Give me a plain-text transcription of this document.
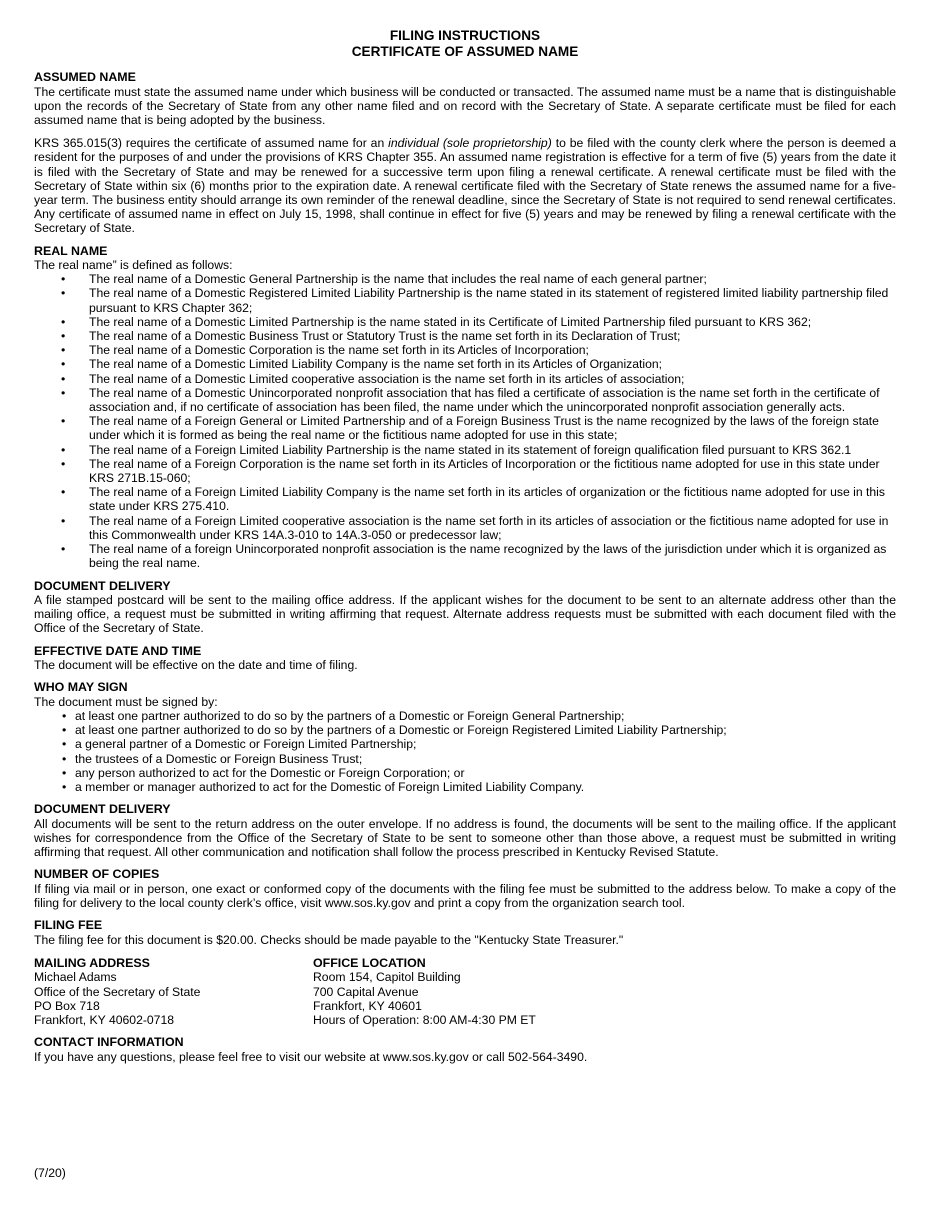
FILING INSTRUCTIONS
CERTIFICATE OF ASSUMED NAME
ASSUMED NAME

The certificate must state the assumed name under which business will be conducted or transacted. The assumed name must be a name that is distinguishable upon the records of the Secretary of State from any other name filed and on record with the Secretary of State. A separate certificate must be filed for each assumed name that is being adopted by the business.

KRS 365.015(3) requires the certificate of assumed name for an individual (sole proprietorship) to be filed with the county clerk where the person is deemed a resident for the purposes of and under the provisions of KRS Chapter 355. An assumed name registration is effective for a term of five (5) years from the date it is filed with the Secretary of State and may be renewed for a successive term upon filing a renewal certificate. A renewal certificate must be filed with the Secretary of State within six (6) months prior to the expiration date. A renewal certificate filed with the Secretary of State renews the assumed name for a five-year term. The business entity should arrange its own reminder of the renewal deadline, since the Secretary of State is not required to send renewal certificates. Any certificate of assumed name in effect on July 15, 1998, shall continue in effect for five (5) years and may be renewed by filing a renewal certificate with the Secretary of State.

REAL NAME
The real name” is defined as follows:
• The real name of a Domestic General Partnership is the name that includes the real name of each general partner;
• The real name of a Domestic Registered Limited Liability Partnership is the name stated in its statement of registered limited liability partnership filed pursuant to KRS Chapter 362;
• The real name of a Domestic Limited Partnership is the name stated in its Certificate of Limited Partnership filed pursuant to KRS 362;
• The real name of a Domestic Business Trust or Statutory Trust is the name set forth in its Declaration of Trust;
• The real name of a Domestic Corporation is the name set forth in its Articles of Incorporation;
• The real name of a Domestic Limited Liability Company is the name set forth in its Articles of Organization;
• The real name of a Domestic Limited cooperative association is the name set forth in its articles of association;
• The real name of a Domestic Unincorporated nonprofit association that has filed a certificate of association is the name set forth in the certificate of association and, if no certificate of association has been filed, the name under which the unincorporated nonprofit association generally acts.
• The real name of a Foreign General or Limited Partnership and of a Foreign Business Trust is the name recognized by the laws of the foreign state under which it is formed as being the real name or the fictitious name adopted for use in this state;
• The real name of a Foreign Limited Liability Partnership is the name stated in its statement of foreign qualification filed pursuant to KRS 362.1
• The real name of a Foreign Corporation is the name set forth in its Articles of Incorporation or the fictitious name adopted for use in this state under KRS 271B.15-060;
• The real name of a Foreign Limited Liability Company is the name set forth in its articles of organization or the fictitious name adopted for use in this state under KRS 275.410.
• The real name of a Foreign Limited cooperative association is the name set forth in its articles of association or the fictitious name adopted for use in this Commonwealth under KRS 14A.3-010 to 14A.3-050 or predecessor law;
• The real name of a foreign Unincorporated nonprofit association is the name recognized by the laws of the jurisdiction under which it is organized as being the real name.
DOCUMENT DELIVERY

A file stamped postcard will be sent to the mailing office address. If the applicant wishes for the document to be sent to an alternate address other than the mailing office, a request must be submitted in writing affirming that request. Alternate address requests must be submitted with each document filed with the Office of the Secretary of State.

EFFECTIVE DATE AND TIME

The document will be effective on the date and time of filing.

WHO MAY SIGN
The document must be signed by:
• at least one partner authorized to do so by the partners of a Domestic or Foreign General Partnership;
• at least one partner authorized to do so by the partners of a Domestic or Foreign Registered Limited Liability Partnership;
• a general partner of a Domestic or Foreign Limited Partnership;
• the trustees of a Domestic or Foreign Business Trust;
• any person authorized to act for the Domestic or Foreign Corporation; or
• a member or manager authorized to act for the Domestic of Foreign Limited Liability Company.
DOCUMENT DELIVERY

All documents will be sent to the return address on the outer envelope. If no address is found, the documents will be sent to the mailing office. If the applicant wishes for correspondence from the Office of the Secretary of State to be sent to someone other than those above, a request must be submitted in writing affirming that request. All other communication and notification shall follow the process prescribed in Kentucky Revised Statute.

NUMBER OF COPIES

If filing via mail or in person, one exact or conformed copy of the documents with the filing fee must be submitted to the address below. To make a copy of the filing for delivery to the local county clerk’s office, visit www.sos.ky.gov and print a copy from the organization search tool.

FILING FEE

The filing fee for this document is $20.00. Checks should be made payable to the "Kentucky State Treasurer."

MAILING ADDRESS
Michael Adams
Office of the Secretary of State
PO Box 718
Frankfort, KY 40602-0718
OFFICE LOCATION
Room 154, Capitol Building
700 Capital Avenue
Frankfort, KY 40601
Hours of Operation: 8:00 AM-4:30 PM ET
CONTACT INFORMATION

If you have any questions, please feel free to visit our website at www.sos.ky.gov or call 502-564-3490.

(7/20)
